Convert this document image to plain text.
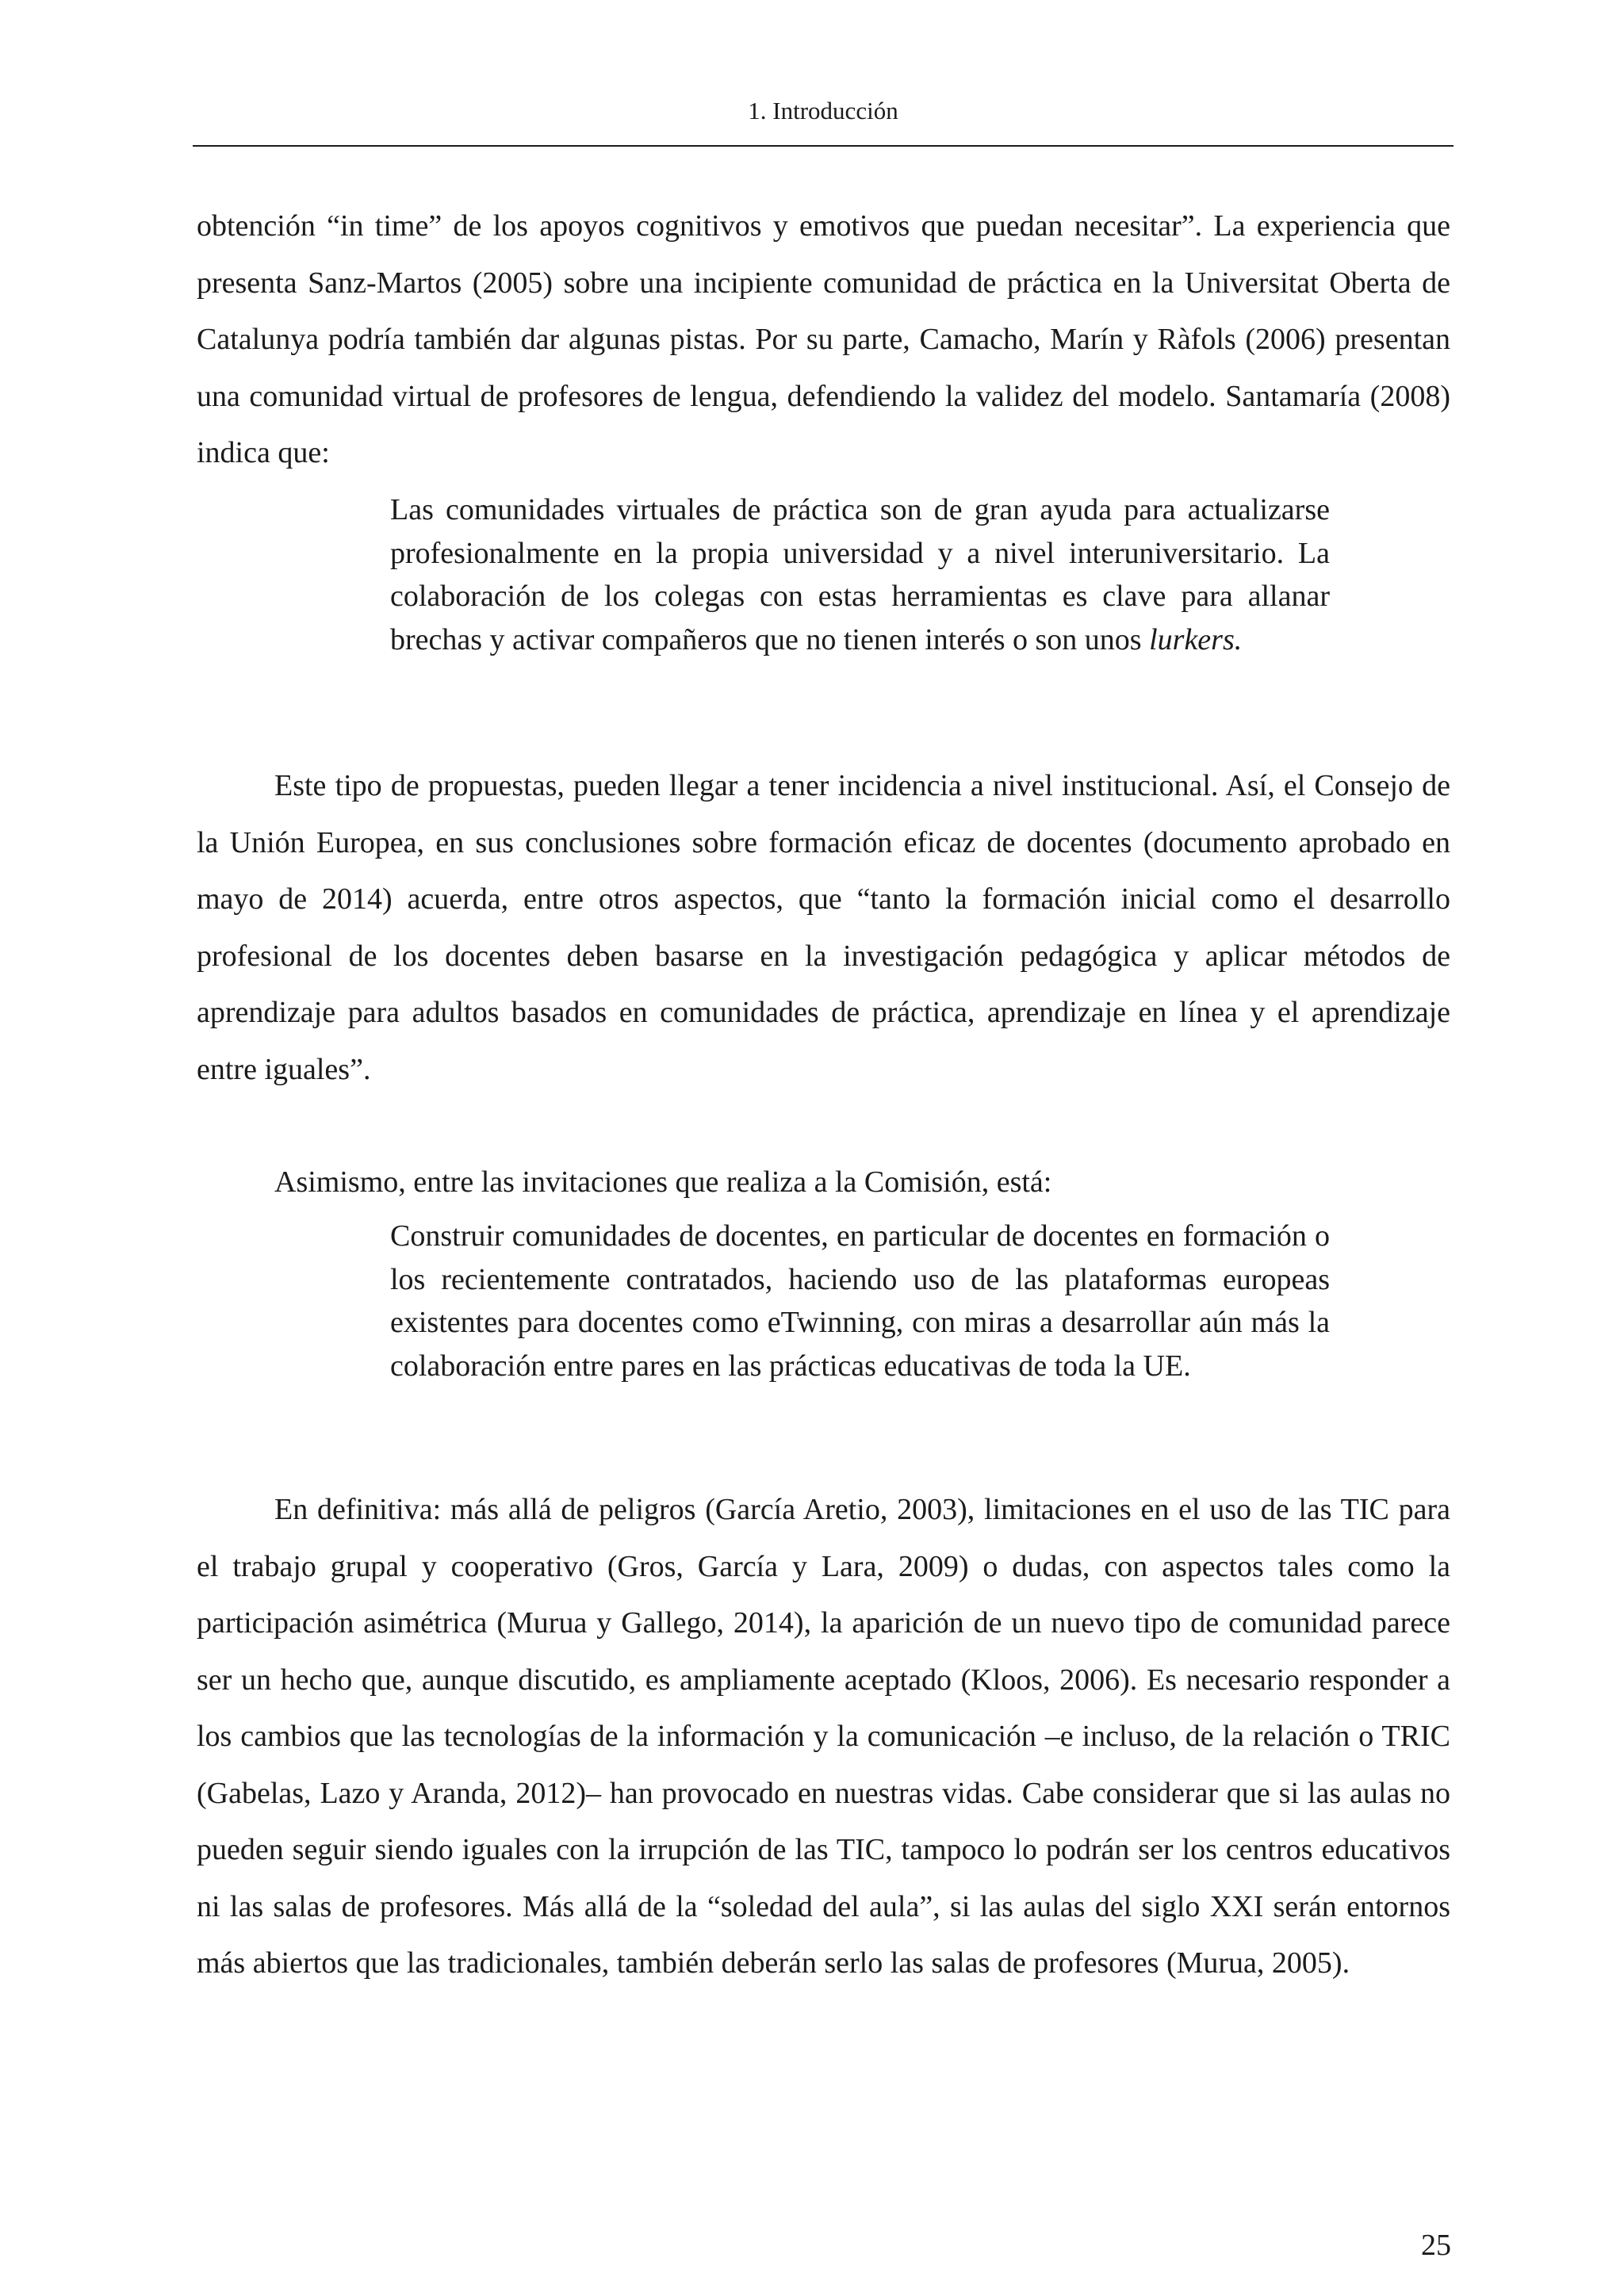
1. Introducción

obtención “in time” de los apoyos cognitivos y emotivos que puedan necesitar”. La experiencia que presenta Sanz-Martos (2005) sobre una incipiente comunidad de práctica en la Universitat Oberta de Catalunya podría también dar algunas pistas. Por su parte, Camacho, Marín y Ràfols (2006) presentan una comunidad virtual de profesores de lengua, defendiendo la validez del modelo. Santamaría (2008) indica que:

Las comunidades virtuales de práctica son de gran ayuda para actualizarse profesionalmente en la propia universidad y a nivel interuniversitario. La colaboración de los colegas con estas herramientas es clave para allanar brechas y activar compañeros que no tienen interés o son unos lurkers.

Este tipo de propuestas, pueden llegar a tener incidencia a nivel institucional. Así, el Consejo de la Unión Europea, en sus conclusiones sobre formación eficaz de docentes (documento aprobado en mayo de 2014) acuerda, entre otros aspectos, que “tanto la formación inicial como el desarrollo profesional de los docentes deben basarse en la investigación pedagógica y aplicar métodos de aprendizaje para adultos basados en comunidades de práctica, aprendizaje en línea y el aprendizaje entre iguales”.

Asimismo, entre las invitaciones que realiza a la Comisión, está:

Construir comunidades de docentes, en particular de docentes en formación o los recientemente contratados, haciendo uso de las plataformas europeas existentes para docentes como eTwinning, con miras a desarrollar aún más la colaboración entre pares en las prácticas educativas de toda la UE.

En definitiva: más allá de peligros (García Aretio, 2003), limitaciones en el uso de las TIC para el trabajo grupal y cooperativo (Gros, García y Lara, 2009) o dudas, con aspectos tales como la participación asimétrica (Murua y Gallego, 2014), la aparición de un nuevo tipo de comunidad parece ser un hecho que, aunque discutido, es ampliamente aceptado (Kloos, 2006). Es necesario responder a los cambios que las tecnologías de la información y la comunicación –e incluso, de la relación o TRIC (Gabelas, Lazo y Aranda, 2012)– han provocado en nuestras vidas. Cabe considerar que si las aulas no pueden seguir siendo iguales con la irrupción de las TIC, tampoco lo podrán ser los centros educativos ni las salas de profesores. Más allá de la “soledad del aula”, si las aulas del siglo XXI serán entornos más abiertos que las tradicionales, también deberán serlo las salas de profesores (Murua, 2005).

25
